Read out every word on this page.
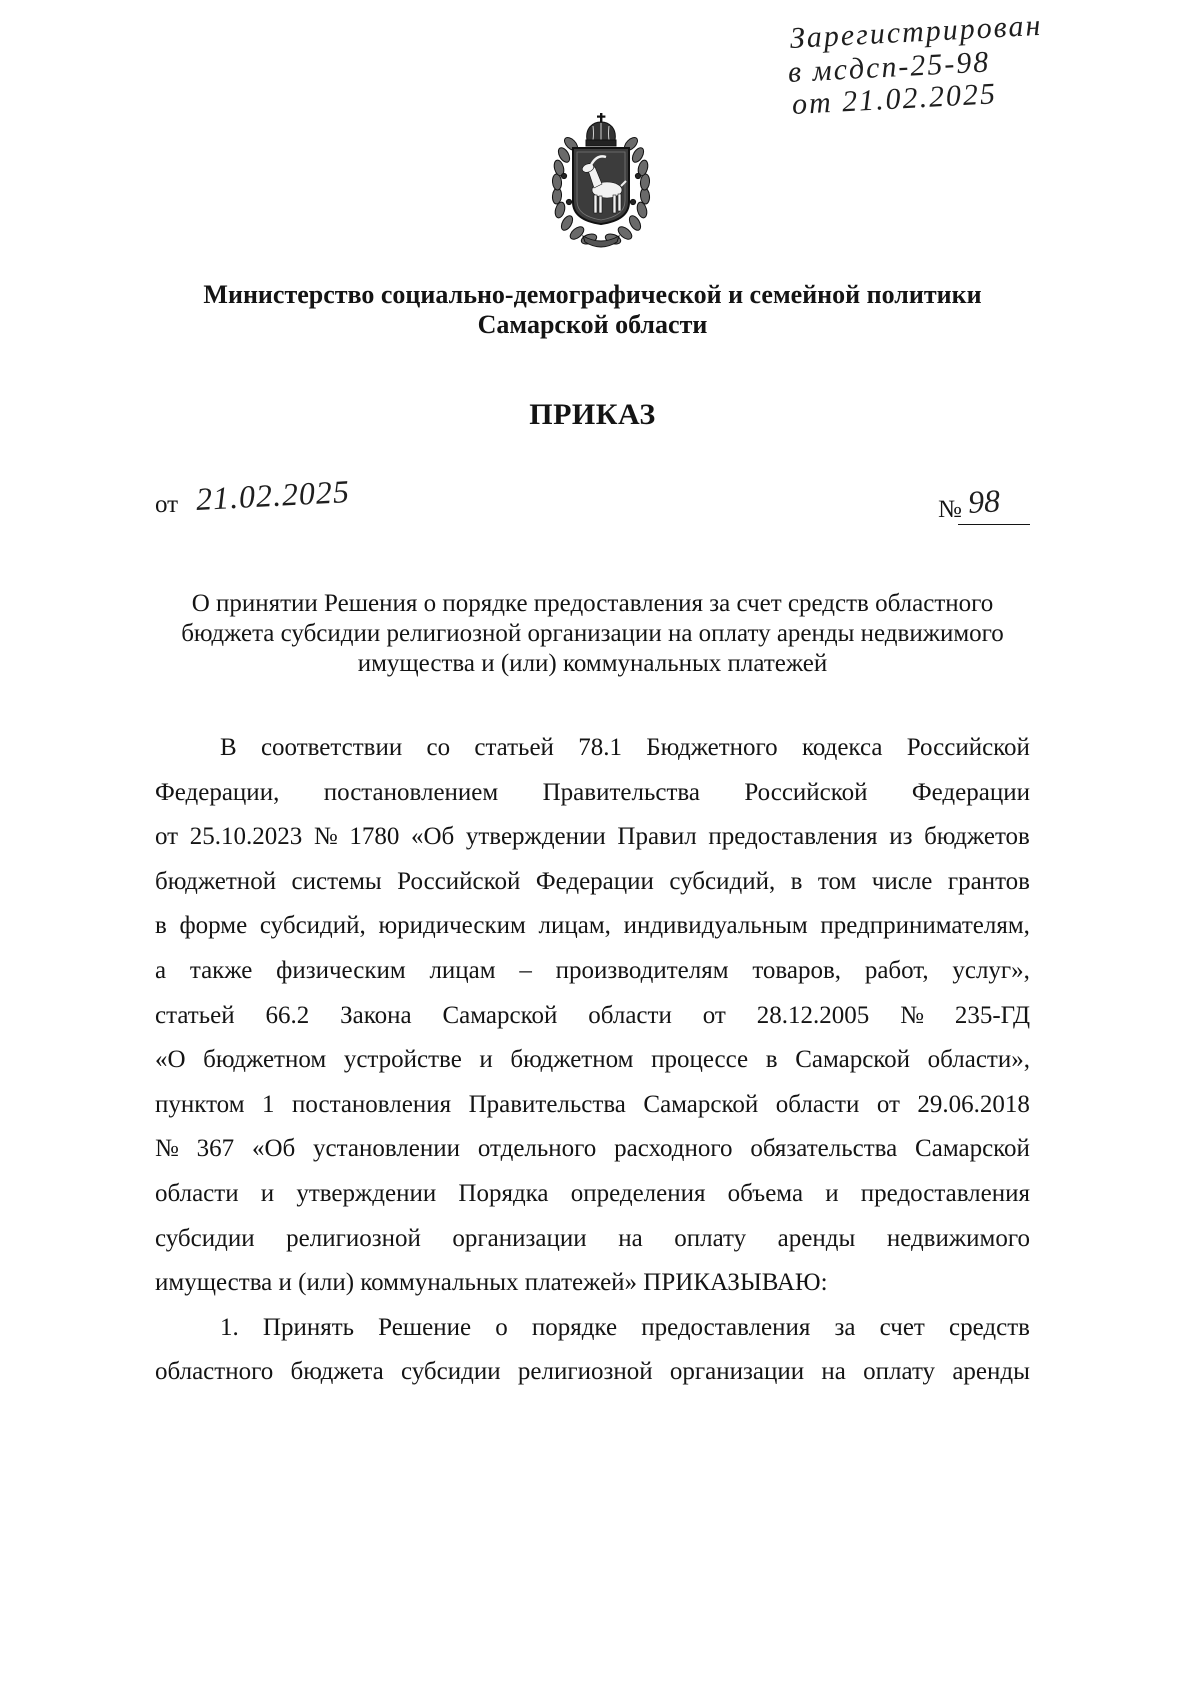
Зарегистрирован
в мсдсп-25-98
от 21.02.2025
Министерство социально-демографической и семейной политики
Самарской области
ПРИКАЗ
от 21.02.2025	№ 98
О принятии Решения о порядке предоставления за счет средств областного
бюджета субсидии религиозной организации на оплату аренды недвижимого
имущества и (или) коммунальных платежей
В соответствии со статьей 78.1 Бюджетного кодекса Российской
Федерации, постановлением Правительства Российской Федерации
от 25.10.2023 № 1780 «Об утверждении Правил предоставления из бюджетов
бюджетной системы Российской Федерации субсидий, в том числе грантов
в форме субсидий, юридическим лицам, индивидуальным предпринимателям,
а также физическим лицам – производителям товаров, работ, услуг»,
статьей 66.2 Закона Самарской области от 28.12.2005 № 235-ГД
«О бюджетном устройстве и бюджетном процессе в Самарской области»,
пунктом 1 постановления Правительства Самарской области от 29.06.2018
№ 367 «Об установлении отдельного расходного обязательства Самарской
области и утверждении Порядка определения объема и предоставления
субсидии религиозной организации на оплату аренды недвижимого
имущества и (или) коммунальных платежей» ПРИКАЗЫВАЮ:
1. Принять Решение о порядке предоставления за счет средств
областного бюджета субсидии религиозной организации на оплату аренды
